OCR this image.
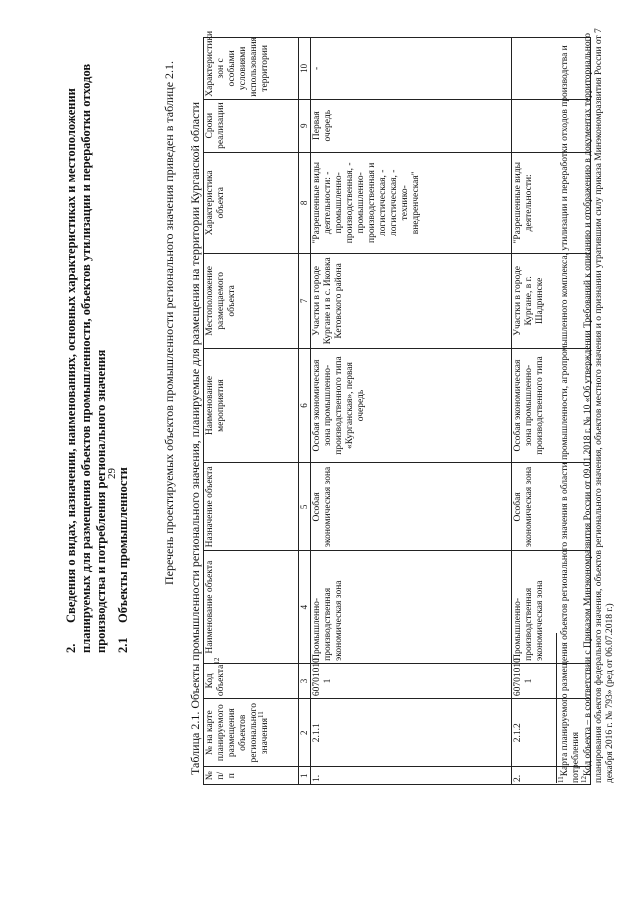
29
2.Сведения о видах, назначении, наименованиях, основных характеристиках и местоположении планируемых для размещения объектов промышленности, объектов утилизации и переработки отходов производства и потребления регионального значения 2.1Объекты промышленности	Перечень проектируемых объектов промышленности регионального значения приведен в таблице 2.1. Таблица 2.1. Объекты промышленности регионального значения, планируемые для размещения на территории Курганской области
№ п/п	№ на карте планируемого размещения объектов регионального значения$^{11}$	Код объекта$^{12}$	Наименование объекта	Назначение объекта	Наименование мероприятия	Местоположение размещаемого объекта	Характеристика объекта	Сроки реализации	Характеристики зон с особыми условиями использования территории
1	2	3	4	5	6	7	8	9	10
1.	2.1.1	60701010 1	Промышленно-производственная экономическая зона	Особая экономическая зона	Особая экономическая зона промышленно-производственного типа «Курганская», первая очередь	Участки в городе Кургане и в с. Иковка Кетовского района	"Разрешенные виды деятельности: - промышленно-производственная, - промышленно-производственная и логистическая, - логистическая, - технико-внедренческая"	Первая очередь	-
2.	2.1.2	60701010 1	Промышленно-производственная экономическая зона	Особая экономическая зона	Особая экономическая зона промышленно-производственного типа	Участки в городе Кургане, в г. Шадринске	"Разрешенные виды деятельности:		
$^{11}$Карта планируемого размещения объектов регионального значения в области промышленности, агропромышленного комплекса, утилизации и переработки отходов производства и потребления
$^{12}$Код объекта – в соответствии с Приказом Минэкономразвития России от 09.01.2018 г. № 10 «Об утверждении Требований к описанию и отображению в документах территориального планирования объектов федерального значения, объектов регионального значения, объектов местного значения и о признании утратившим силу приказа Минэкономразвития России от 7 декабря 2016 г. № 793» (ред от 06.07.2018 г.)
